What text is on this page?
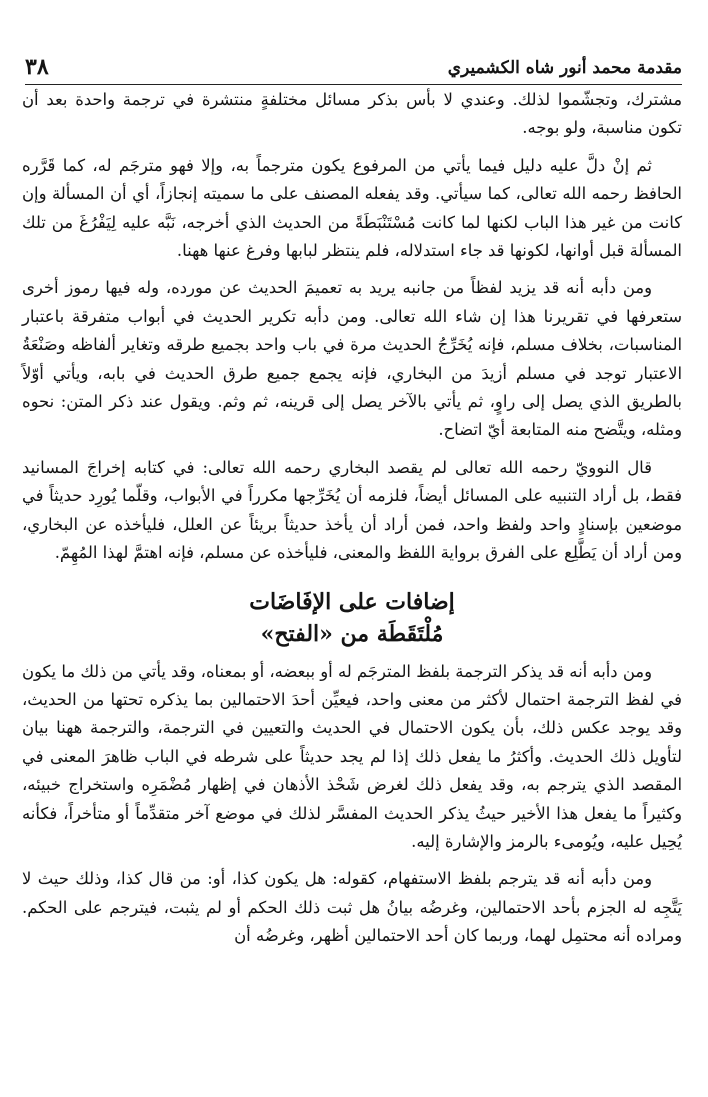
مقدمة محمد أنور شاه الكشميري
٣٨

مشترك، وتجشّموا لذلك. وعندي لا بأس بذكر مسائل مختلفةٍ منتشرة في ترجمة واحدة بعد أن تكون مناسبة، ولو بوجه.

ثم إنْ دلَّ عليه دليل فيما يأتي من المرفوع يكون مترجماً به، وإلا فهو مترجَم له، كما قَرَّره الحافظ رحمه الله تعالى، كما سيأتي. وقد يفعله المصنف على ما سميته إنجازاً، أي أن المسألة وإن كانت من غير هذا الباب لكنها لما كانت مُسْتَنْبَطَةً من الحديث الذي أخرجه، نَبَّه عليه لِيَفْرُغَ من تلك المسألة قبل أوانها، لكونها قد جاء استدلاله، فلم ينتظر لبابها وفرغ عنها ههنا.

ومن دأبه أنه قد يزيد لفظاً من جانبه يريد به تعميمَ الحديث عن مورده، وله فيها رموز أخرى ستعرفها في تقريرنا هذا إن شاء الله تعالى. ومن دأبه تكرير الحديث في أبواب متفرقة باعتبار المناسبات، بخلاف مسلم، فإنه يُخَرِّجُ الحديث مرة في باب واحد بجميع طرقه وتغاير ألفاظه وصَنْعَةُ الاعتبار توجد في مسلم أزيدَ من البخاري، فإنه يجمع جميع طرق الحديث في بابه، ويأتي أوّلاً بالطريق الذي يصل إلى راوٍ، ثم يأتي بالآخر يصل إلى قرينه، ثم وثم. ويقول عند ذكر المتن: نحوه ومثله، ويتَّضح منه المتابعة أيّ اتضاح.

قال النوويّ رحمه الله تعالى لم يقصد البخاري رحمه الله تعالى: في كتابه إخراجَ المسانيد فقط، بل أراد التنبيه على المسائل أيضاً، فلزمه أن يُخَرِّجها مكرراً في الأبواب، وقلّما يُورِد حديثاً في موضعين بإسنادٍ واحد ولفظ واحد، فمن أراد أن يأخذ حديثاً بريئاً عن العلل، فليأخذه عن البخاري، ومن أراد أن يَطَّلِع على الفرق برواية اللفظ والمعنى، فليأخذه عن مسلم، فإنه اهتمَّ لهذا المُهِمّ.

إضافات على الإفَاضَات
مُلْتَقَطَة من «الفتح»

ومن دأبه أنه قد يذكر الترجمة بلفظ المترجَم له أو ببعضه، أو بمعناه، وقد يأتي من ذلك ما يكون في لفظ الترجمة احتمال لأكثر من معنى واحد، فيعيِّن أحدَ الاحتمالين بما يذكره تحتها من الحديث، وقد يوجد عكس ذلك، بأن يكون الاحتمال في الحديث والتعيين في الترجمة، والترجمة ههنا بيان لتأويل ذلك الحديث. وأكثرُ ما يفعل ذلك إذا لم يجد حديثاً على شرطه في الباب ظاهرَ المعنى في المقصد الذي يترجم به، وقد يفعل ذلك لغرض شَحْذ الأذهان في إظهار مُضْمَرِه واستخراج خبيئه، وكثيراً ما يفعل هذا الأخير حيثُ يذكر الحديث المفسَّر لذلك في موضع آخر متقدِّماً أو متأخراً، فكأنه يُحِيل عليه، ويُومىء بالرمز والإشارة إليه.

ومن دأبه أنه قد يترجم بلفظ الاستفهام، كقوله: هل يكون كذا، أو: من قال كذا، وذلك حيث لا يَتَّجِه له الجزم بأحد الاحتمالين، وغرضُه بيانُ هل ثبت ذلك الحكم أو لم يثبت، فيترجم على الحكم. ومراده أنه محتمِل لهما، وربما كان أحد الاحتمالين أظهر، وغرضُه أن
